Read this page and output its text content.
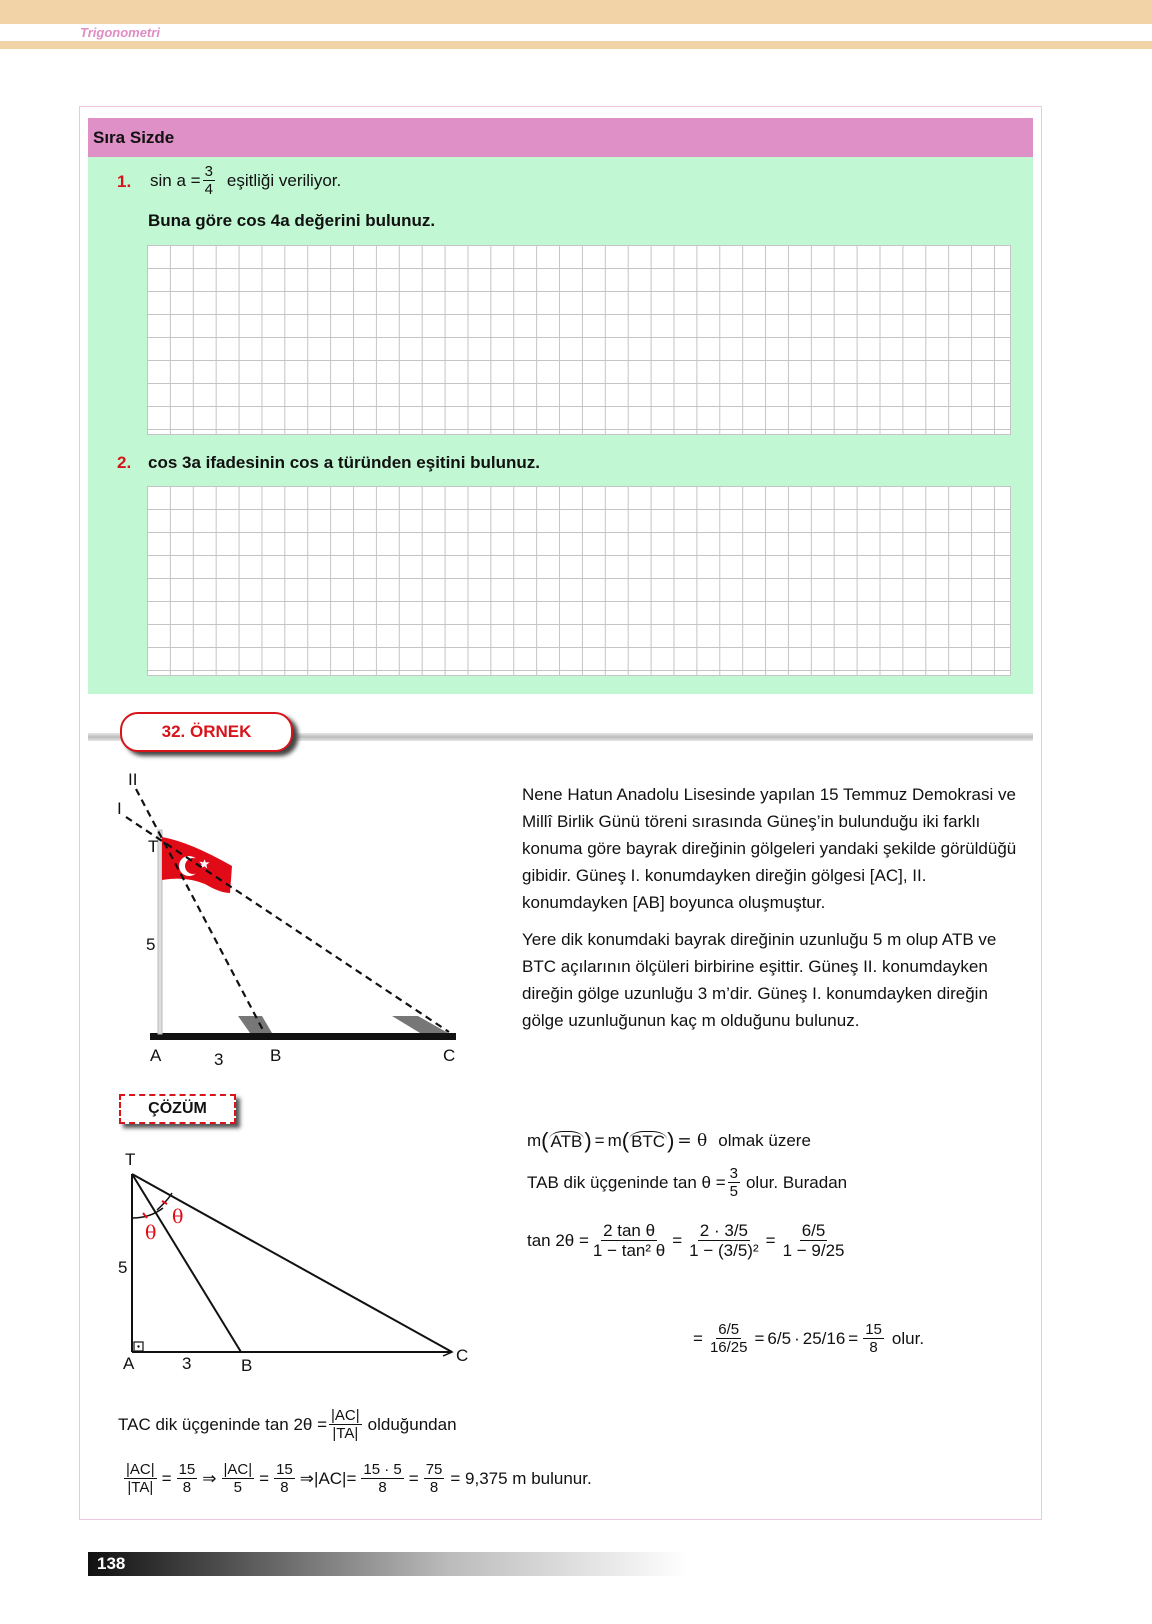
Trigonometri
Sıra Sizde
1. $\sin a = \frac{3}{4}$ eşitliği veriliyor.
Buna göre cos 4a değerini bulunuz.
2. cos 3a ifadesinin cos a türünden eşitini bulunuz.
32. ÖRNEK
II
I
T
5
A	3	B	C
Nene Hatun Anadolu Lisesinde yapılan 15 Temmuz Demokrasi ve Millî Birlik Günü töreni sırasında Güneş’in bulunduğu iki farklı konuma göre bayrak direğinin gölgeleri yandaki şekilde görüldüğü gibidir. Güneş I. konumdayken direğin gölgesi [AC], II. konumdayken [AB] boyunca oluşmuştur.
Yere dik konumdaki bayrak direğinin uzunluğu 5 m olup ATB ve BTC açılarının ölçüleri birbirine eşittir. Güneş II. konumdayken direğin gölge uzunluğu 3 m’dir. Güneş I. konumdayken direğin gölge uzunluğunun kaç m olduğunu bulunuz.
ÇÖZÜM
T
θ
θ
5
A	3	B
C
m ( ATB ) = m ( BTC ) = θ olmak üzere
TAB dik üçgeninde $\tan \theta = \frac{3}{5}$ olur. Buradan
$\tan 2\theta = \frac{\text{2 tan θ}}{\text{1 − tan² θ}} = \frac{2 \cdot 3/5}{\text{1 − (3/5)²}} = \frac{6/5}{1 - 9/25}$
= $\frac{6/5}{16/25} = 6/5 \cdot 25/16 = \frac{15}{8}$ olur.
TAC dik üçgeninde $\tan 2\theta = \frac{|AC|}{|TA|}$ olduğundan
$\frac{|AC|}{|TA|} = \frac{15}{8}$ ⇒ $\frac{|AC|}{5} = \frac{15}{8}$ ⇒|AC|= $\frac{15 \cdot 5}{8} = \frac{75}{8} = 9,375$ m bulunur.
138
